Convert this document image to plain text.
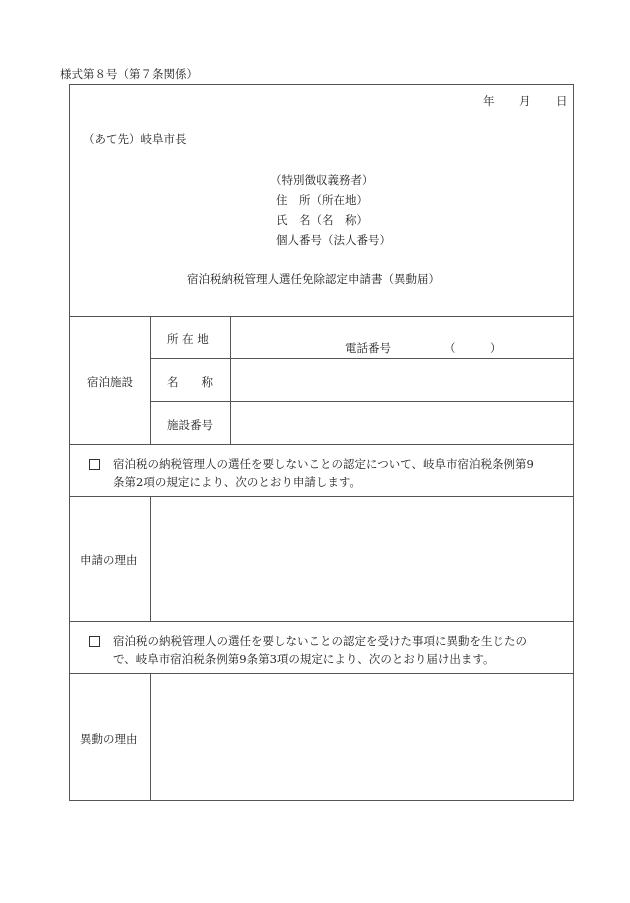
様式第８号（第７条関係）
年 月 日
（あて先）岐阜市長
（特別徴収義務者）
住　所（所在地）
氏　名（名　称）
個人番号（法人番号）
宿泊税納税管理人選任免除認定申請書（異動届）
宿泊施設
所 在 地
電話番号	（　　　）
名　　称
施設番号
宿泊税の納税管理人の選任を要しないことの認定について、岐阜市宿泊税条例第9
条第2項の規定により、次のとおり申請します。
申請の理由
宿泊税の納税管理人の選任を要しないことの認定を受けた事項に異動を生じたの
で、岐阜市宿泊税条例第9条第3項の規定により、次のとおり届け出ます。
異動の理由
